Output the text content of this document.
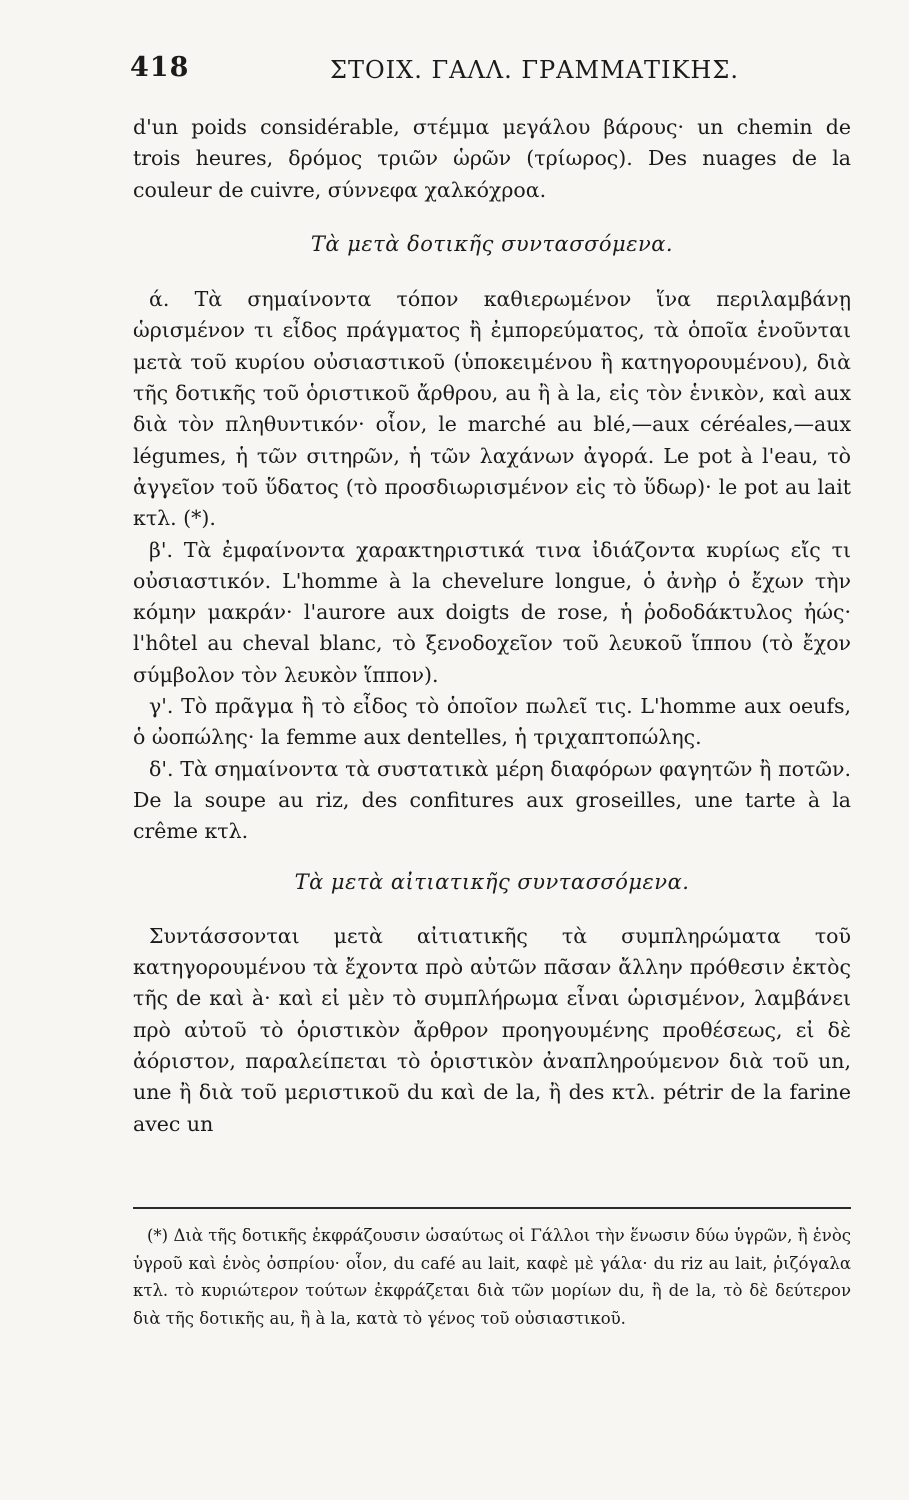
418	ΣΤΟΙΧ. ΓΑΛΛ. ΓΡΑΜΜΑΤΙΚΗΣ.

d'un poids considérable, στέμμα μεγάλου βάρους· un chemin de trois heures, δρόμος τριῶν ὡρῶν (τρίωρος). Des nuages de la couleur de cuivre, σύννεφα χαλκόχροα.

Τὰ μετὰ δοτικῆς συντασσόμενα.

ά. Τὰ σημαίνοντα τόπον καθιερωμένον ἵνα περιλαμβάνῃ ὡρισμένον τι εἶδος πράγματος ἢ ἐμπορεύματος, τὰ ὁποῖα ἑνοῦνται μετὰ τοῦ κυρίου οὐσιαστικοῦ (ὑποκειμένου ἢ κατηγορουμένου), διὰ τῆς δοτικῆς τοῦ ὁριστικοῦ ἄρθρου, au ἢ à la, εἰς τὸν ἑνικὸν, καὶ aux διὰ τὸν πληθυντικόν· οἷον, le marché au blé,—aux céréales,—aux légumes, ἡ τῶν σιτηρῶν, ἡ τῶν λαχάνων ἀγορά. Le pot à l'eau, τὸ ἀγγεῖον τοῦ ὕδατος (τὸ προσδιωρισμένον εἰς τὸ ὕδωρ)· le pot au lait κτλ. (*).

β'. Τὰ ἐμφαίνοντα χαρακτηριστικά τινα ἰδιάζοντα κυρίως εἴς τι οὐσιαστικόν. L'homme à la chevelure longue, ὁ ἀνὴρ ὁ ἔχων τὴν κόμην μακράν· l'aurore aux doigts de rose, ἡ ῥοδοδάκτυλος ἠώς· l'hôtel au cheval blanc, τὸ ξενοδοχεῖον τοῦ λευκοῦ ἵππου (τὸ ἔχον σύμβολον τὸν λευκὸν ἵππον).

γ'. Τὸ πρᾶγμα ἢ τὸ εἶδος τὸ ὁποῖον πωλεῖ τις. L'homme aux oeufs, ὁ ὠοπώλης· la femme aux dentelles, ἡ τριχαπτοπώλης.

δ'. Τὰ σημαίνοντα τὰ συστατικὰ μέρη διαφόρων φαγητῶν ἢ ποτῶν. De la soupe au riz, des confitures aux groseilles, une tarte à la crême κτλ.

Τὰ μετὰ αἰτιατικῆς συντασσόμενα.

Συντάσσονται μετὰ αἰτιατικῆς τὰ συμπληρώματα τοῦ κατηγορουμένου τὰ ἔχοντα πρὸ αὐτῶν πᾶσαν ἄλλην πρόθεσιν ἐκτὸς τῆς de καὶ à· καὶ εἰ μὲν τὸ συμπλήρωμα εἶναι ὡρισμένον, λαμβάνει πρὸ αὐτοῦ τὸ ὁριστικὸν ἄρθρον προηγουμένης προθέσεως, εἰ δὲ ἀόριστον, παραλείπεται τὸ ὁριστικὸν ἀναπληρούμενον διὰ τοῦ un, une ἢ διὰ τοῦ μεριστικοῦ du καὶ de la, ἢ des κτλ. pétrir de la farine avec un

(*) Διὰ τῆς δοτικῆς ἐκφράζουσιν ὡσαύτως οἱ Γάλλοι τὴν ἕνωσιν δύω ὑγρῶν, ἢ ἑνὸς ὑγροῦ καὶ ἑνὸς ὀσπρίου· οἷον, du café au lait, καφὲ μὲ γάλα· du riz au lait, ῥιζόγαλα κτλ. τὸ κυριώτερον τούτων ἐκφράζεται διὰ τῶν μορίων du, ἢ de la, τὸ δὲ δεύτερον διὰ τῆς δοτικῆς au, ἢ à la, κατὰ τὸ γένος τοῦ οὐσιαστικοῦ.
